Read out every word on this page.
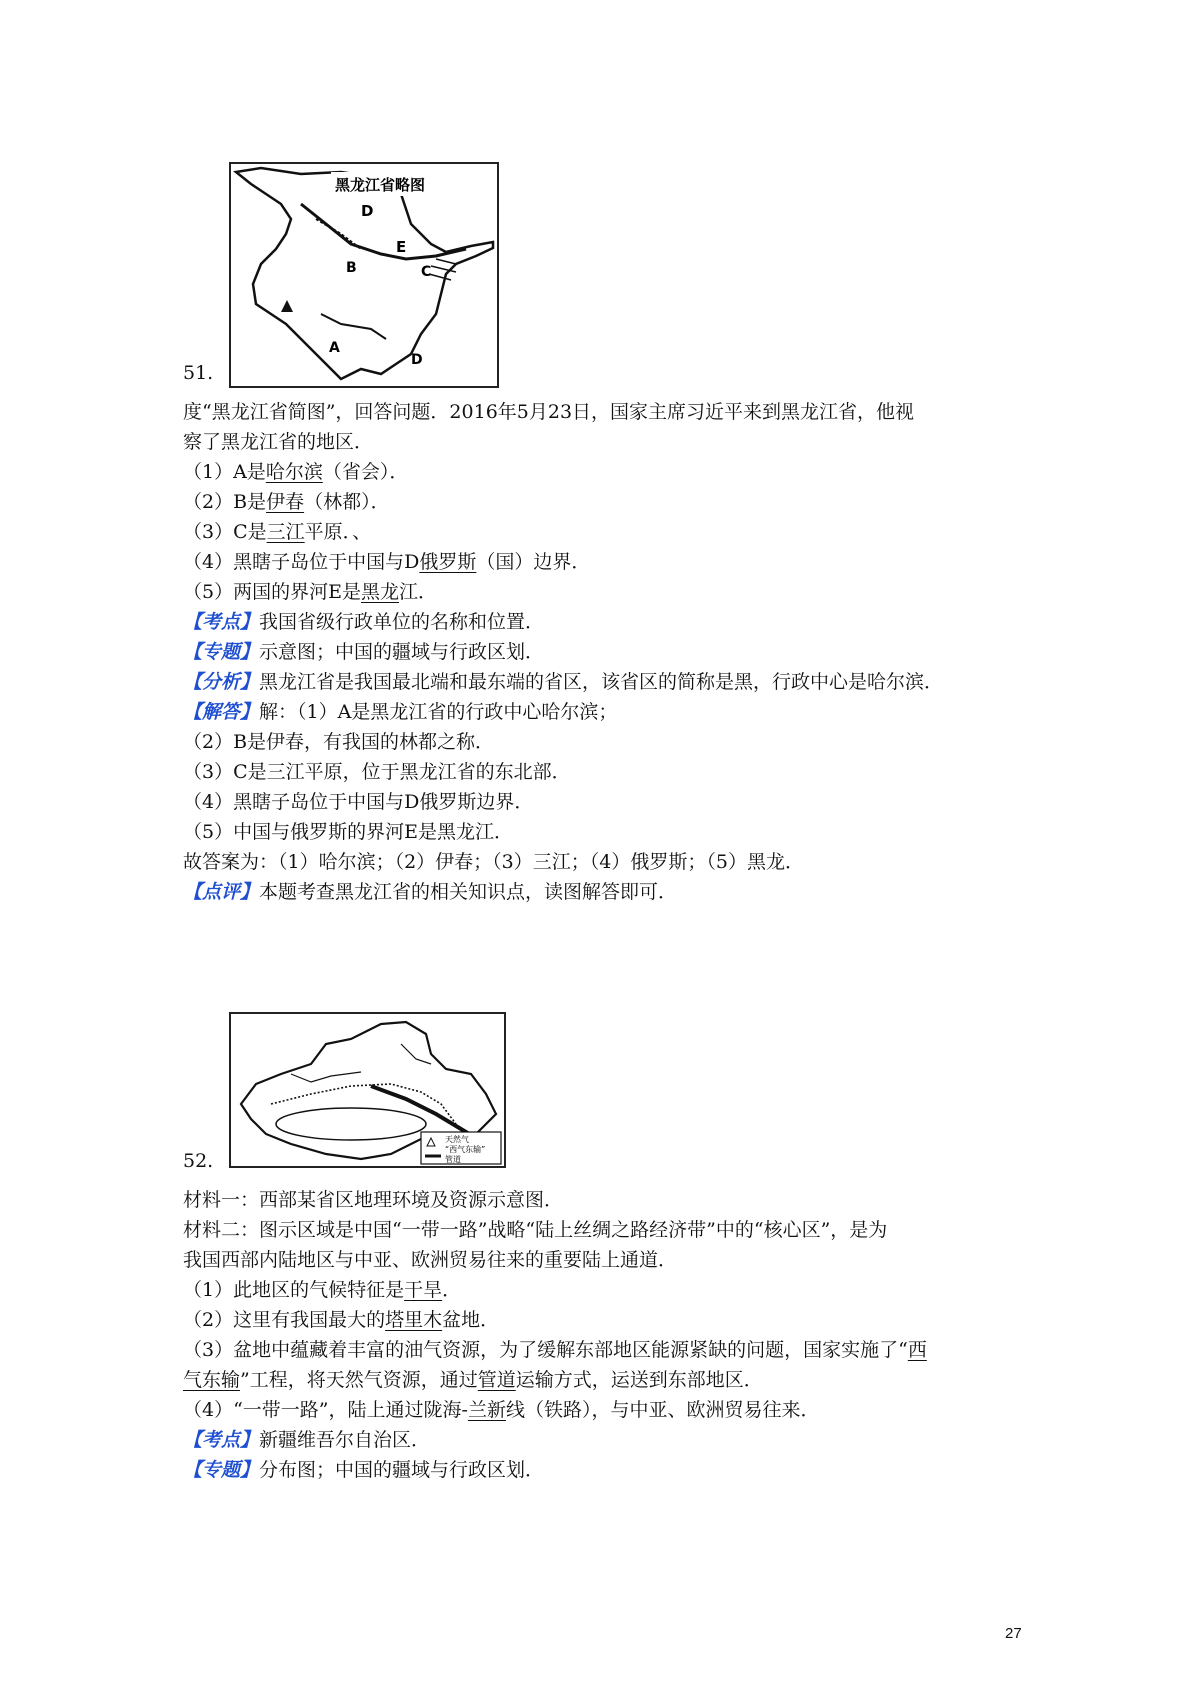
黑龙江省略图
D
E
B	C
A
D
51.
度“黑龙江省简图”，回答问题．2016年5月23日，国家主席习近平来到黑龙江省，他视
察了黑龙江省的地区．
（1）A是哈尔滨（省会）．
（2）B是伊春（林都）．
（3）C是三江平原．、
（4）黑瞎子岛位于中国与D俄罗斯（国）边界．
（5）两国的界河E是黑龙江．
【考点】我国省级行政单位的名称和位置．
【专题】示意图；中国的疆域与行政区划．
【分析】黑龙江省是我国最北端和最东端的省区，该省区的简称是黑，行政中心是哈尔滨．
【解答】解：（1）A是黑龙江省的行政中心哈尔滨；
（2）B是伊春，有我国的林都之称．
（3）C是三江平原，位于黑龙江省的东北部．
（4）黑瞎子岛位于中国与D俄罗斯边界．
（5）中国与俄罗斯的界河E是黑龙江．
故答案为：（1）哈尔滨；（2）伊春；（3）三江；（4）俄罗斯；（5）黑龙．
【点评】本题考查黑龙江省的相关知识点，读图解答即可．
天然气
“西气东输”
管道
52.
材料一：西部某省区地理环境及资源示意图．
材料二：图示区域是中国“一带一路”战略“陆上丝绸之路经济带”中的“核心区”，是为
我国西部内陆地区与中亚、欧洲贸易往来的重要陆上通道．
（1）此地区的气候特征是干旱．
（2）这里有我国最大的塔里木盆地．
（3）盆地中蕴藏着丰富的油气资源，为了缓解东部地区能源紧缺的问题，国家实施了“西
气东输”工程，将天然气资源，通过管道运输方式，运送到东部地区．
（4）“一带一路”，陆上通过陇海-兰新线（铁路），与中亚、欧洲贸易往来．
【考点】新疆维吾尔自治区．
【专题】分布图；中国的疆域与行政区划．
27
